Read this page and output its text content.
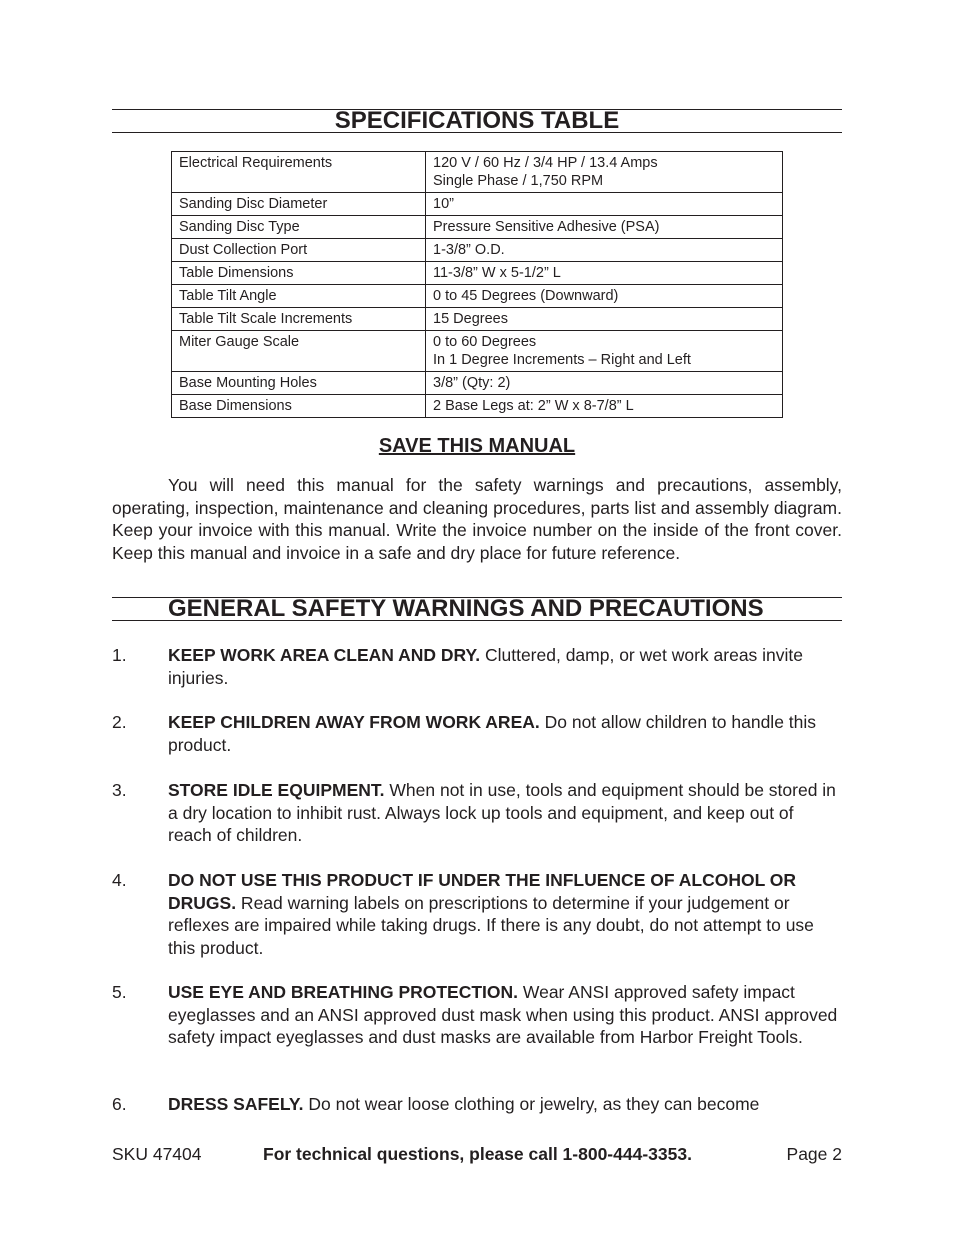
SPECIFICATIONS TABLE
Electrical Requirements	120 V / 60 Hz / 3/4 HP / 13.4 Amps
Single Phase / 1,750 RPM
Sanding Disc Diameter	10”
Sanding Disc Type	Pressure Sensitive Adhesive (PSA)
Dust Collection Port	1-3/8” O.D.
Table Dimensions	11-3/8” W x 5-1/2” L
Table Tilt Angle	0 to 45 Degrees (Downward)
Table Tilt Scale Increments	15 Degrees
Miter Gauge Scale	0 to 60 Degrees
In 1 Degree Increments – Right and Left
Base Mounting Holes	3/8” (Qty: 2)
Base Dimensions	2 Base Legs at: 2” W x 8-7/8” L
SAVE THIS MANUAL

You will need this manual for the safety warnings and precautions, assembly, operating, inspection, maintenance and cleaning procedures, parts list and assembly diagram. Keep your invoice with this manual. Write the invoice number on the inside of the front cover. Keep this manual and invoice in a safe and dry place for future reference.

GENERAL SAFETY WARNINGS AND PRECAUTIONS
1. KEEP WORK AREA CLEAN AND DRY. Cluttered, damp, or wet work areas invite injuries.
2. KEEP CHILDREN AWAY FROM WORK AREA. Do not allow children to handle this product.
3. STORE IDLE EQUIPMENT. When not in use, tools and equipment should be stored in a dry location to inhibit rust. Always lock up tools and equipment, and keep out of reach of children.
4. DO NOT USE THIS PRODUCT IF UNDER THE INFLUENCE OF ALCOHOL OR DRUGS. Read warning labels on prescriptions to determine if your judgement or reflexes are impaired while taking drugs. If there is any doubt, do not attempt to use this product.
5. USE EYE AND BREATHING PROTECTION. Wear ANSI approved safety impact eyeglasses and an ANSI approved dust mask when using this product. ANSI approved safety impact eyeglasses and dust masks are available from Harbor Freight Tools.
6. DRESS SAFELY. Do not wear loose clothing or jewelry, as they can become
SKU 47404	For technical questions, please call 1-800-444-3353.	Page 2
